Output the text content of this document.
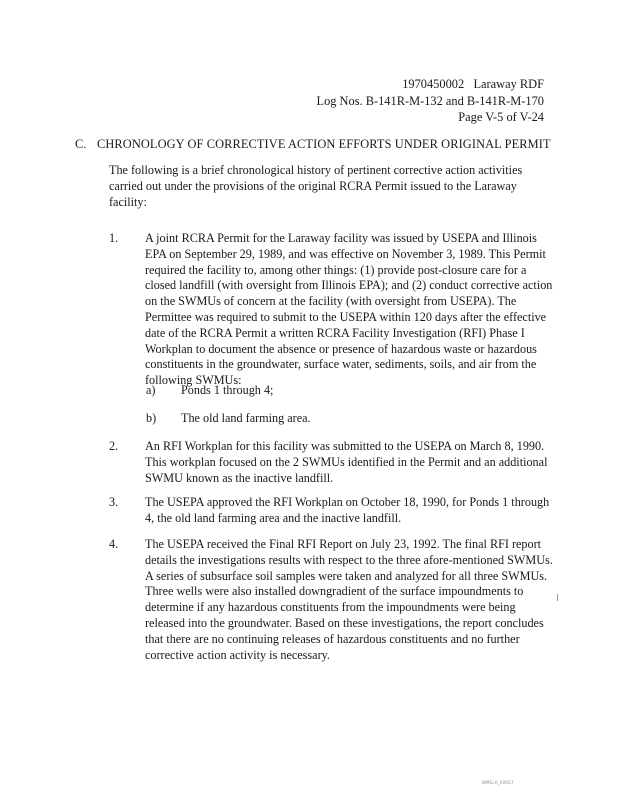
1970450002   Laraway RDF
Log Nos. B-141R-M-132 and B-141R-M-170
Page V-5 of V-24
C. CHRONOLOGY OF CORRECTIVE ACTION EFFORTS UNDER ORIGINAL PERMIT
The following is a brief chronological history of pertinent corrective action activities carried out under the provisions of the original RCRA Permit issued to the Laraway facility:
1.	A joint RCRA Permit for the Laraway facility was issued by USEPA and Illinois EPA on September 29, 1989, and was effective on November 3, 1989. This Permit required the facility to, among other things: (1) provide post-closure care for a closed landfill (with oversight from Illinois EPA); and (2) conduct corrective action on the SWMUs of concern at the facility (with oversight from USEPA). The Permittee was required to submit to the USEPA within 120 days after the effective date of the RCRA Permit a written RCRA Facility Investigation (RFI) Phase I Workplan to document the absence or presence of hazardous waste or hazardous constituents in the groundwater, surface water, sediments, soils, and air from the following SWMUs:
a) Ponds 1 through 4;
b) The old land farming area.
2.	An RFI Workplan for this facility was submitted to the USEPA on March 8, 1990. This workplan focused on the 2 SWMUs identified in the Permit and an additional SWMU known as the inactive landfill.
3.	The USEPA approved the RFI Workplan on October 18, 1990, for Ponds 1 through 4, the old land farming area and the inactive landfill.
4.	The USEPA received the Final RFI Report on July 23, 1992. The final RFI report details the investigations results with respect to the three afore-mentioned SWMUs. A series of subsurface soil samples were taken and analyzed for all three SWMUs. Three wells were also installed downgradient of the surface impoundments to determine if any hazardous constituents from the impoundments were being released into the groundwater. Based on these investigations, the report concludes that there are no continuing releases of hazardous constituents and no further corrective action activity is necessary.
WMLLA_00057
